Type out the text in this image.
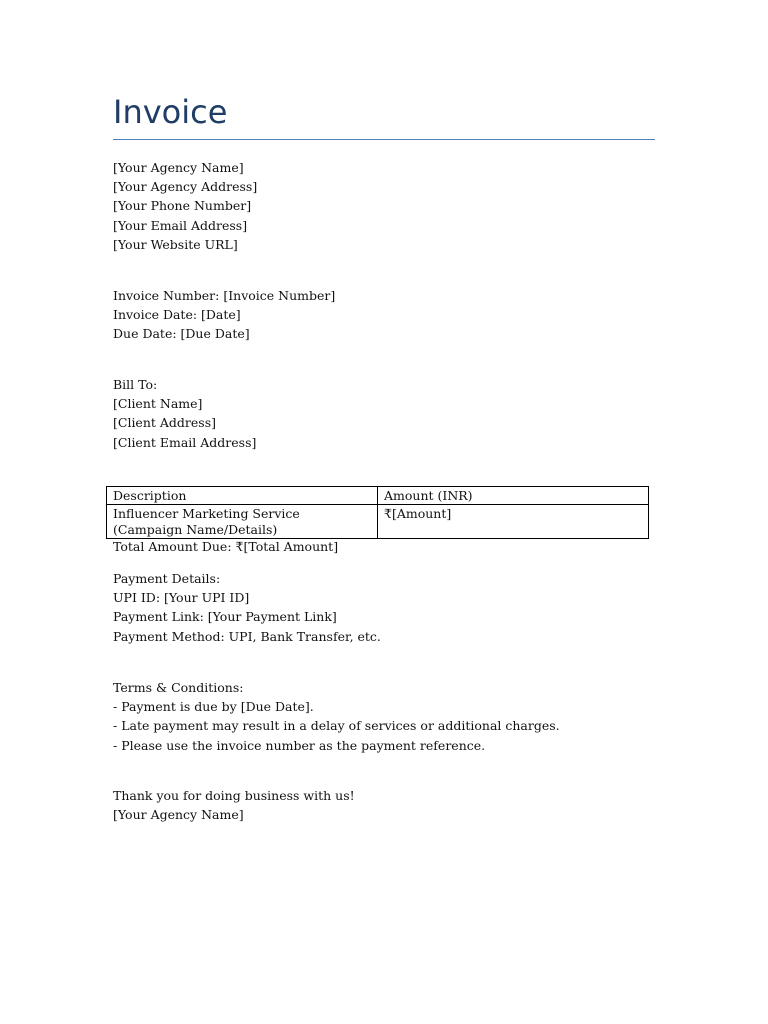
Invoice
[Your Agency Name]
[Your Agency Address]
[Your Phone Number]
[Your Email Address]
[Your Website URL]
Invoice Number: [Invoice Number]
Invoice Date: [Date]
Due Date: [Due Date]
Bill To:
[Client Name]
[Client Address]
[Client Email Address]
Description	Amount (INR)
Influencer Marketing Service (Campaign Name/Details)	₹[Amount]
Total Amount Due: ₹[Total Amount]
Payment Details:
UPI ID: [Your UPI ID]
Payment Link: [Your Payment Link]
Payment Method: UPI, Bank Transfer, etc.
Terms & Conditions:
- Payment is due by [Due Date].
- Late payment may result in a delay of services or additional charges.
- Please use the invoice number as the payment reference.
Thank you for doing business with us!
[Your Agency Name]
